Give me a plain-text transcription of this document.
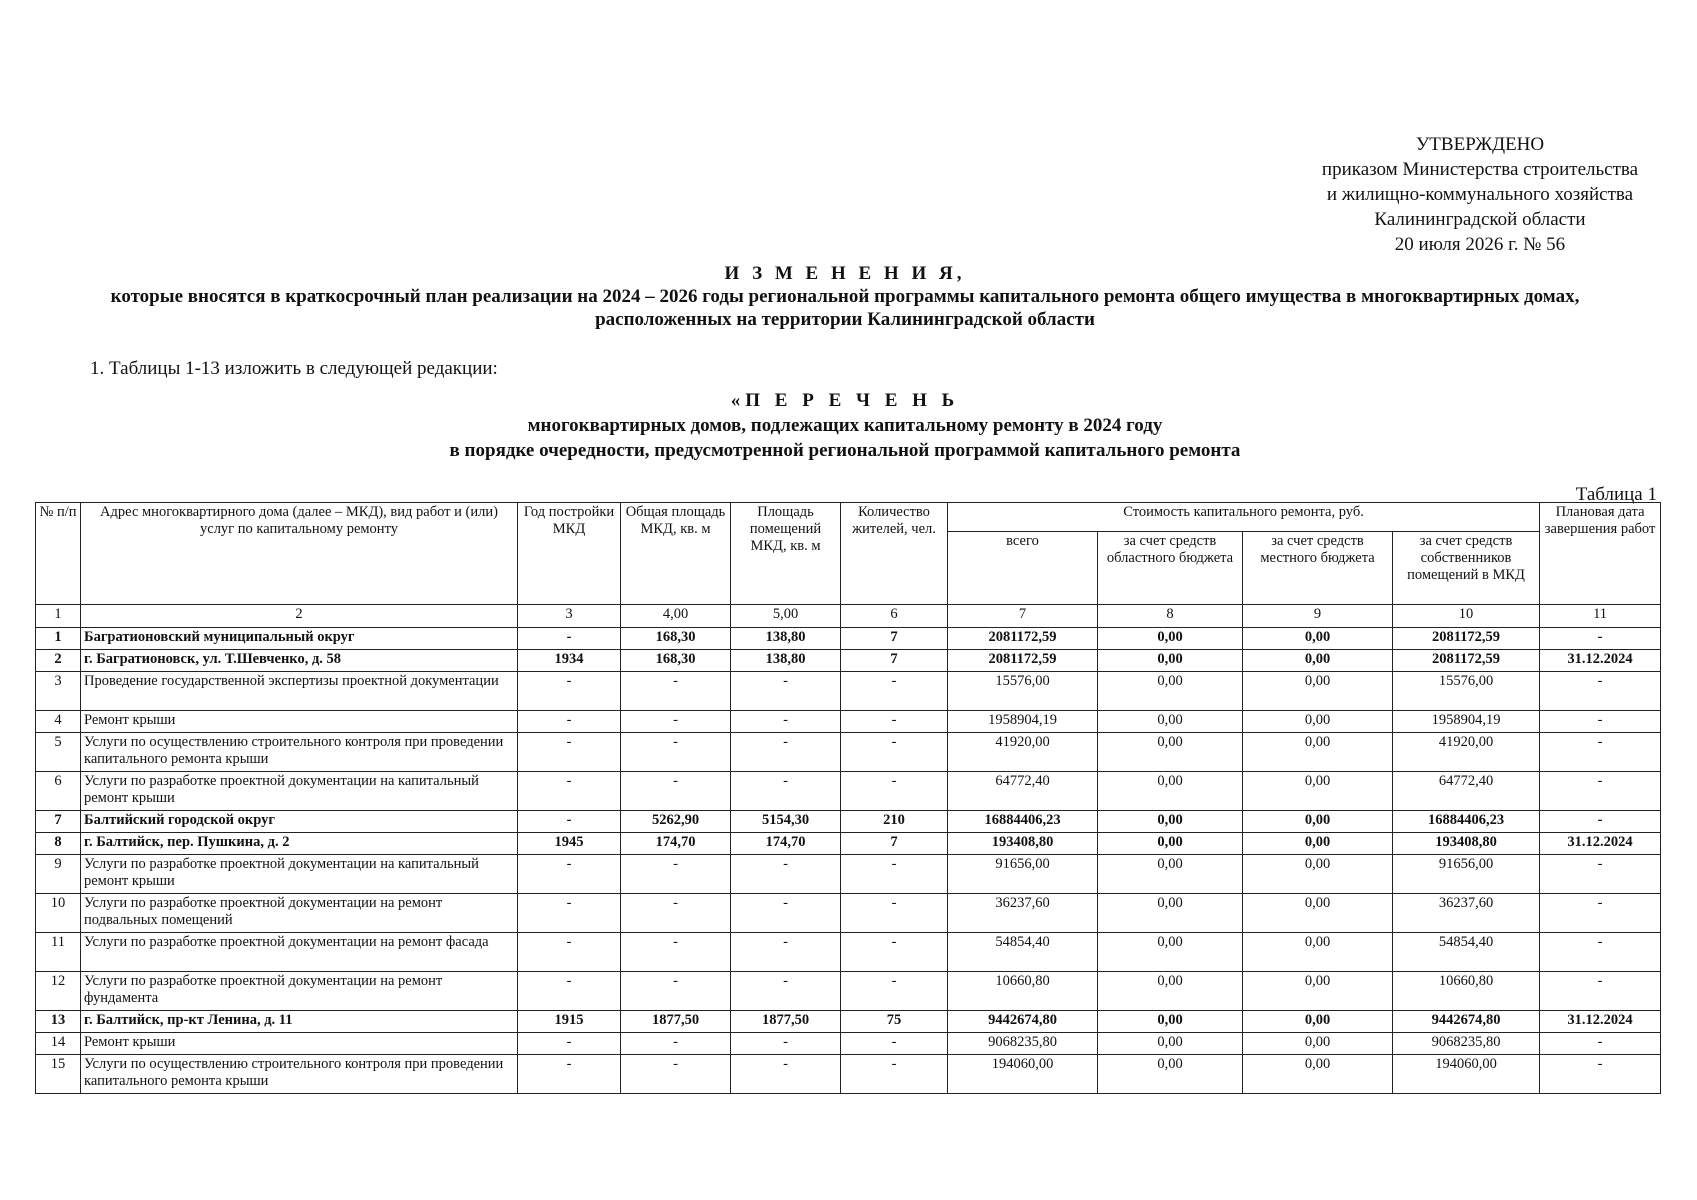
УТВЕРЖДЕНО
приказом Министерства строительства
и жилищно-коммунального хозяйства
Калининградской области
20 июля 2026 г. № 56
И З М Е Н Е Н И Я,
которые вносятся в краткосрочный план реализации на 2024 – 2026 годы региональной программы капитального ремонта общего имущества в многоквартирных домах, расположенных на территории Калининградской области
1. Таблицы 1-13 изложить в следующей редакции:
«П Е Р Е Ч Е Н Ь
многоквартирных домов, подлежащих капитальному ремонту в 2024 году
в порядке очередности, предусмотренной региональной программой капитального ремонта
Таблица 1
№ п/п	Адрес многоквартирного дома (далее – МКД), вид работ и (или) услуг по капитальному ремонту	Год постройки МКД	Общая площадь МКД, кв. м	Площадь помещений МКД, кв. м	Количество жителей, чел.	Стоимость капитального ремонта, руб.				Плановая дата завершения работ
						всего	за счет средств областного бюджета	за счет средств местного бюджета	за счет средств собственников помещений в МКД	
1	2	3	4,00	5,00	6	7	8	9	10	11
1	Багратионовский муниципальный округ	-	168,30	138,80	7	2081172,59	0,00	0,00	2081172,59	-
2	г. Багратионовск, ул. Т.Шевченко, д. 58	1934	168,30	138,80	7	2081172,59	0,00	0,00	2081172,59	31.12.2024
3	Проведение государственной экспертизы проектной документации	-	-	-	-	15576,00	0,00	0,00	15576,00	-
4	Ремонт крыши	-	-	-	-	1958904,19	0,00	0,00	1958904,19	-
5	Услуги по осуществлению строительного контроля при проведении капитального ремонта крыши	-	-	-	-	41920,00	0,00	0,00	41920,00	-
6	Услуги по разработке проектной документации на капитальный ремонт крыши	-	-	-	-	64772,40	0,00	0,00	64772,40	-
7	Балтийский городской округ	-	5262,90	5154,30	210	16884406,23	0,00	0,00	16884406,23	-
8	г. Балтийск, пер. Пушкина, д. 2	1945	174,70	174,70	7	193408,80	0,00	0,00	193408,80	31.12.2024
9	Услуги по разработке проектной документации на капитальный ремонт крыши	-	-	-	-	91656,00	0,00	0,00	91656,00	-
10	Услуги по разработке проектной документации на ремонт подвальных помещений	-	-	-	-	36237,60	0,00	0,00	36237,60	-
11	Услуги по разработке проектной документации на ремонт фасада	-	-	-	-	54854,40	0,00	0,00	54854,40	-
12	Услуги по разработке проектной документации на ремонт фундамента	-	-	-	-	10660,80	0,00	0,00	10660,80	-
13	г. Балтийск, пр-кт Ленина, д. 11	1915	1877,50	1877,50	75	9442674,80	0,00	0,00	9442674,80	31.12.2024
14	Ремонт крыши	-	-	-	-	9068235,80	0,00	0,00	9068235,80	-
15	Услуги по осуществлению строительного контроля при проведении капитального ремонта крыши	-	-	-	-	194060,00	0,00	0,00	194060,00	-
